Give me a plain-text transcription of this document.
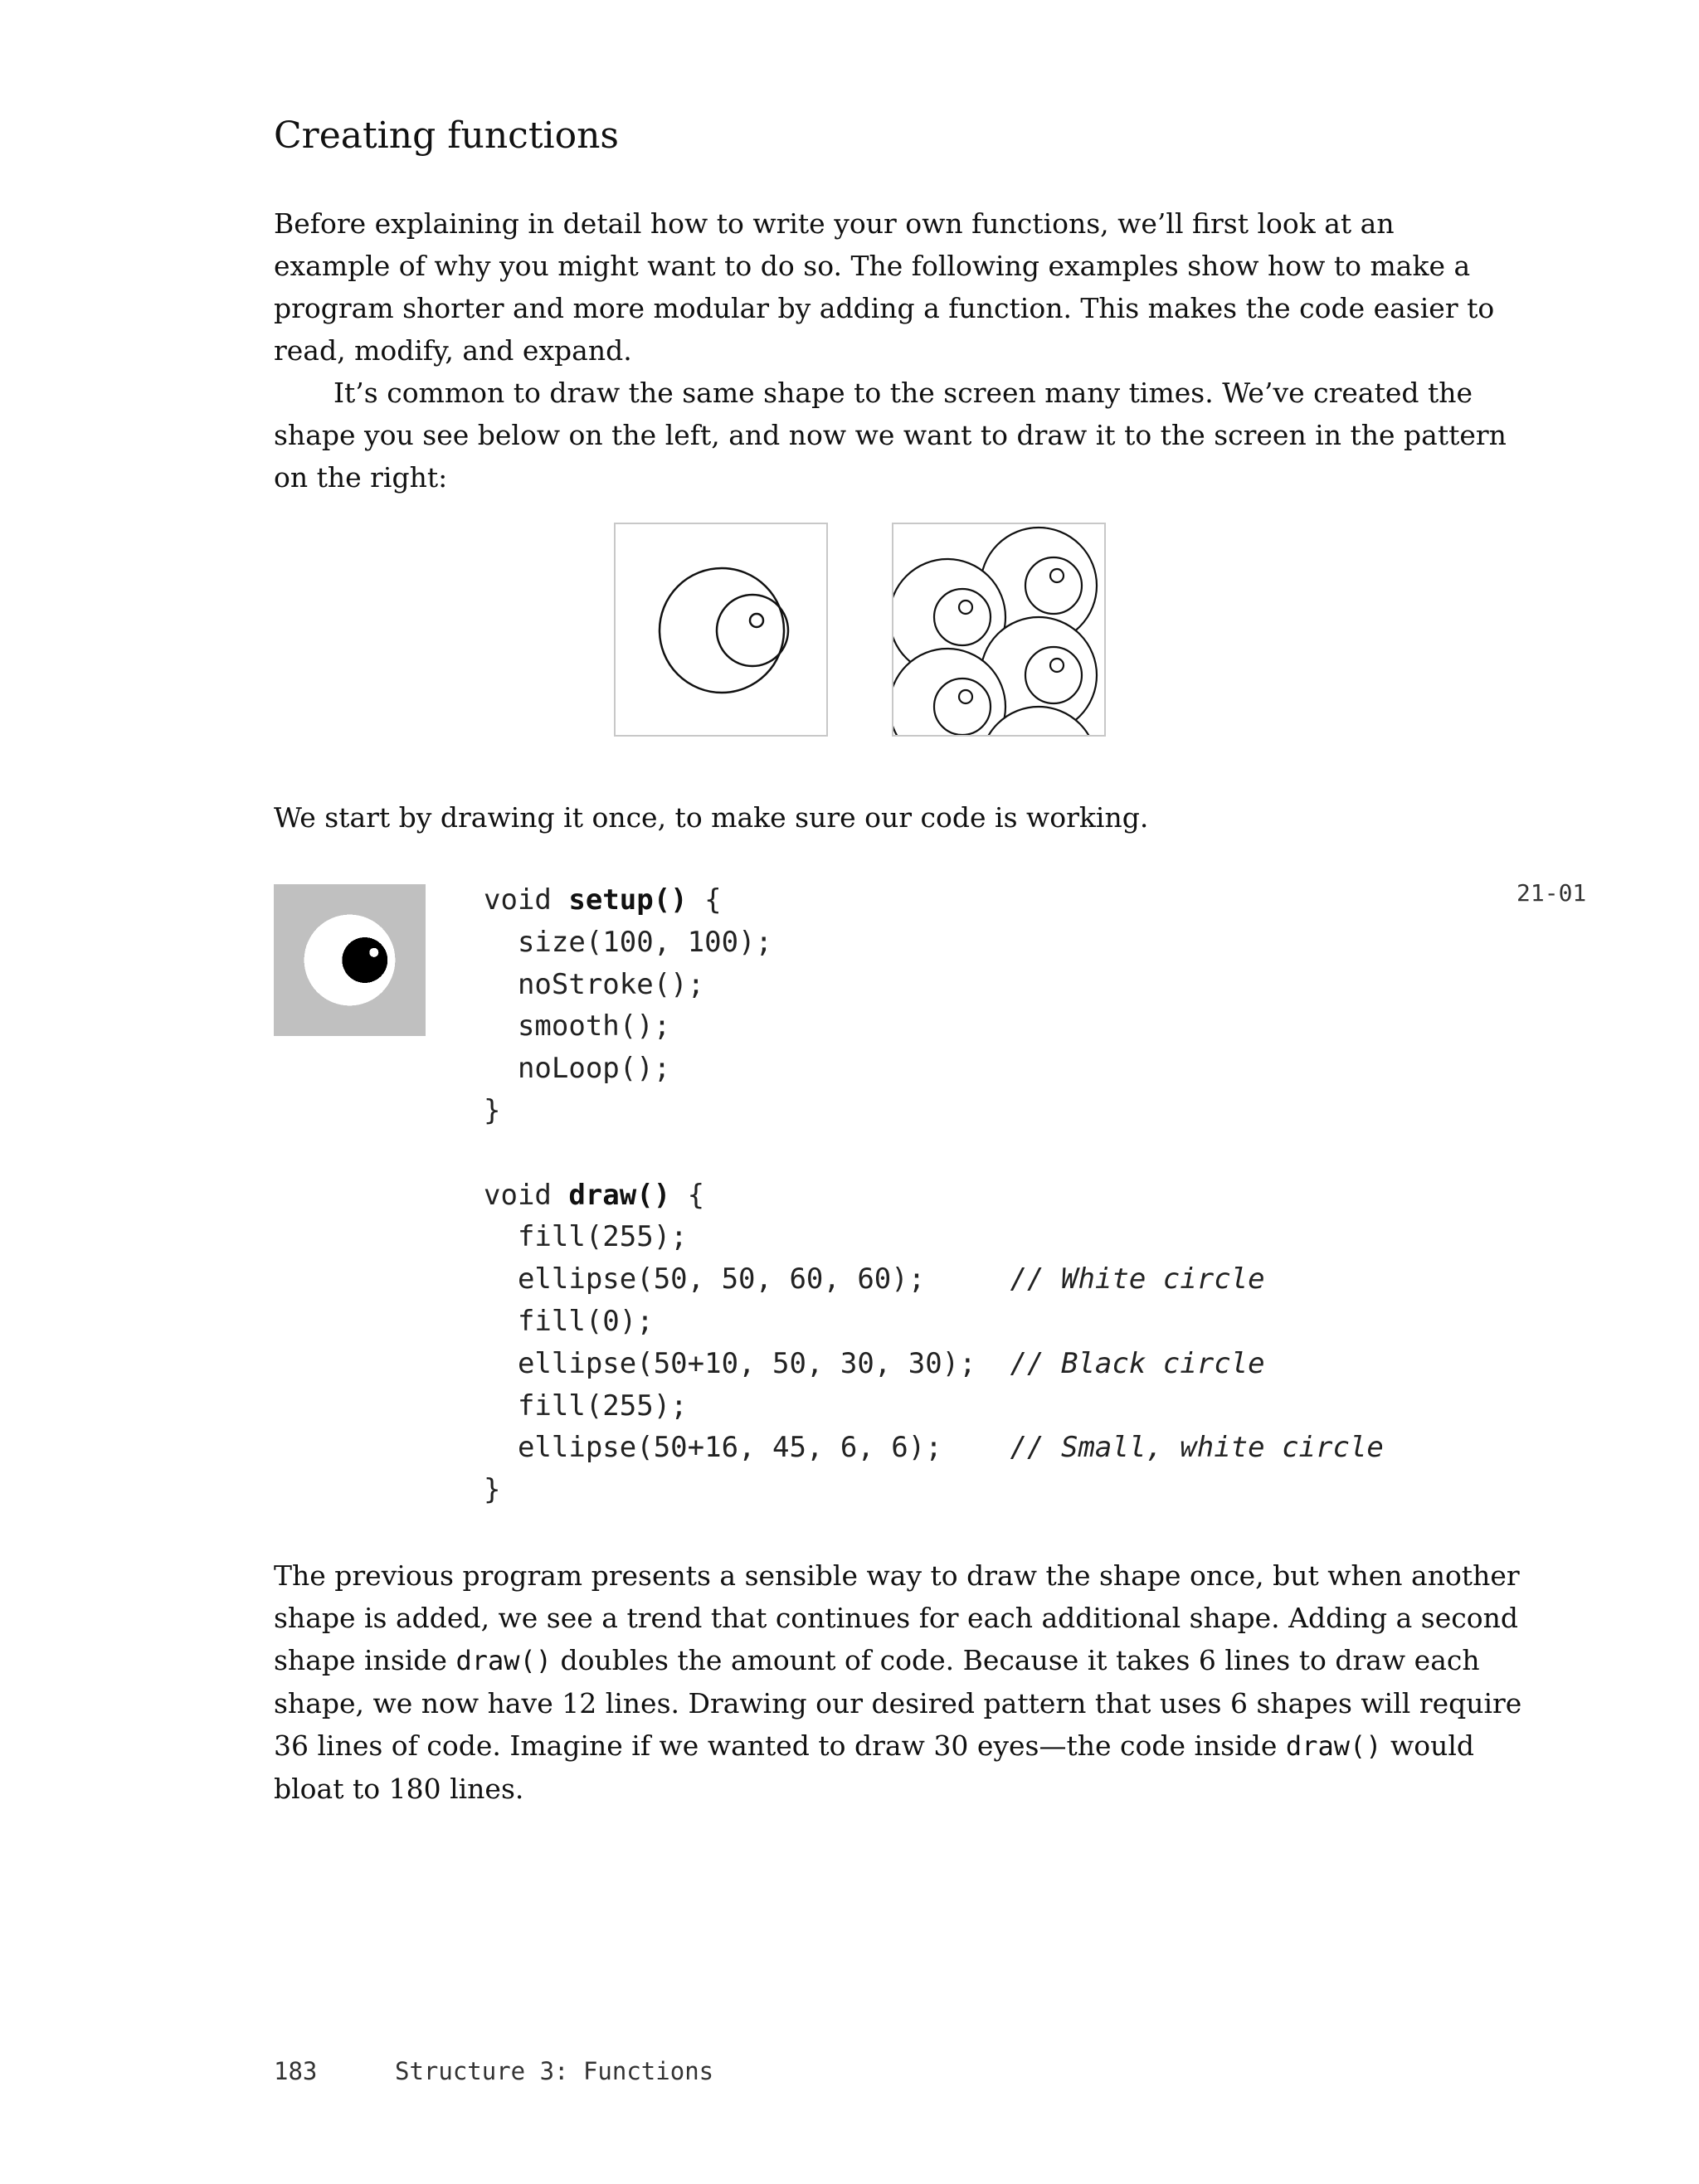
Creating functions
Before explaining in detail how to write your own functions, we’ll first look at an
example of why you might want to do so. The following examples show how to make a
program shorter and more modular by adding a function. This makes the code easier to
read, modify, and expand.
It’s common to draw the same shape to the screen many times. We’ve created the
shape you see below on the left, and now we want to draw it to the screen in the pattern
on the right:
We start by drawing it once, to make sure our code is working.
21-01
void setup() {
size(100, 100);
noStroke();
smooth();
noLoop();
}
void draw() {
fill(255);
ellipse(50, 50, 60, 60);     // White circle
fill(0);
ellipse(50+10, 50, 30, 30);  // Black circle
fill(255);
ellipse(50+16, 45, 6, 6);    // Small, white circle
}
The previous program presents a sensible way to draw the shape once, but when another
shape is added, we see a trend that continues for each additional shape. Adding a second
shape inside draw() doubles the amount of code. Because it takes 6 lines to draw each
shape, we now have 12 lines. Drawing our desired pattern that uses 6 shapes will require
36 lines of code. Imagine if we wanted to draw 30 eyes—the code inside draw() would
bloat to 180 lines.
183	Structure 3: Functions
